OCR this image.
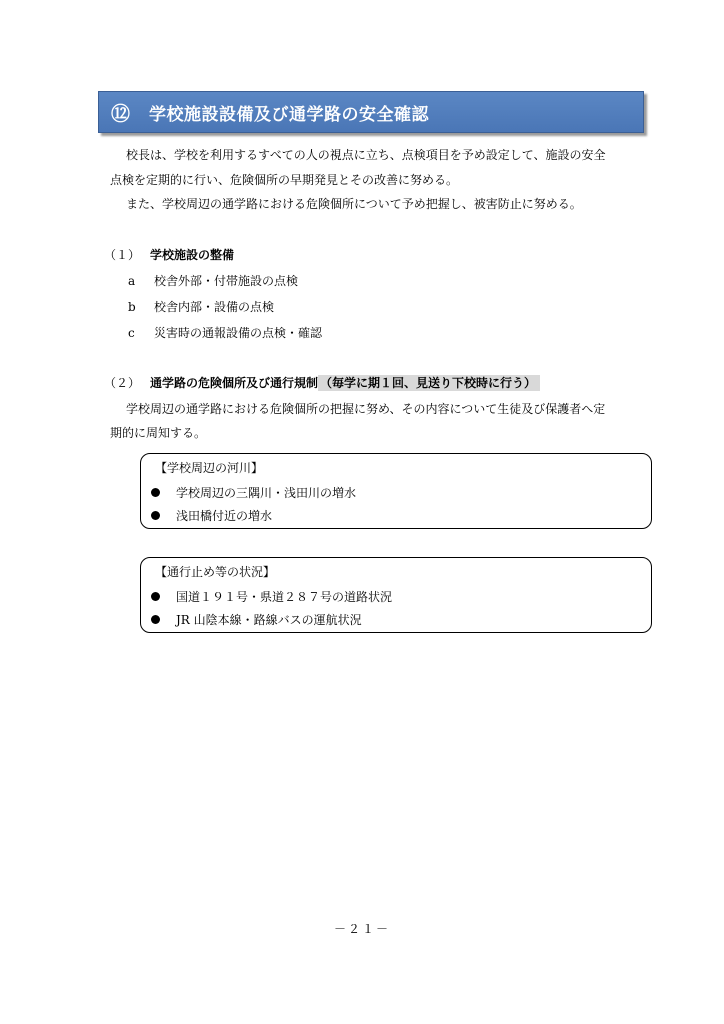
⑫	学校施設設備及び通学路の安全確認
校長は、学校を利用するすべての人の視点に立ち、点検項目を予め設定して、施設の安全
点検を定期的に行い、危険個所の早期発見とその改善に努める。
また、学校周辺の通学路における危険個所について予め把握し、被害防止に努める。
（１） 学校施設の整備
a 校舎外部・付帯施設の点検
b 校舎内部・設備の点検
c 災害時の通報設備の点検・確認
（２） 通学路の危険個所及び通行規制 （毎学に期１回、見送り下校時に行う）
学校周辺の通学路における危険個所の把握に努め、その内容について生徒及び保護者へ定
期的に周知する。
【学校周辺の河川】
学校周辺の三隅川・浅田川の増水
浅田橋付近の増水
【通行止め等の状況】
国道１９１号・県道２８７号の道路状況
JR 山陰本線・路線バスの運航状況
－２１－
